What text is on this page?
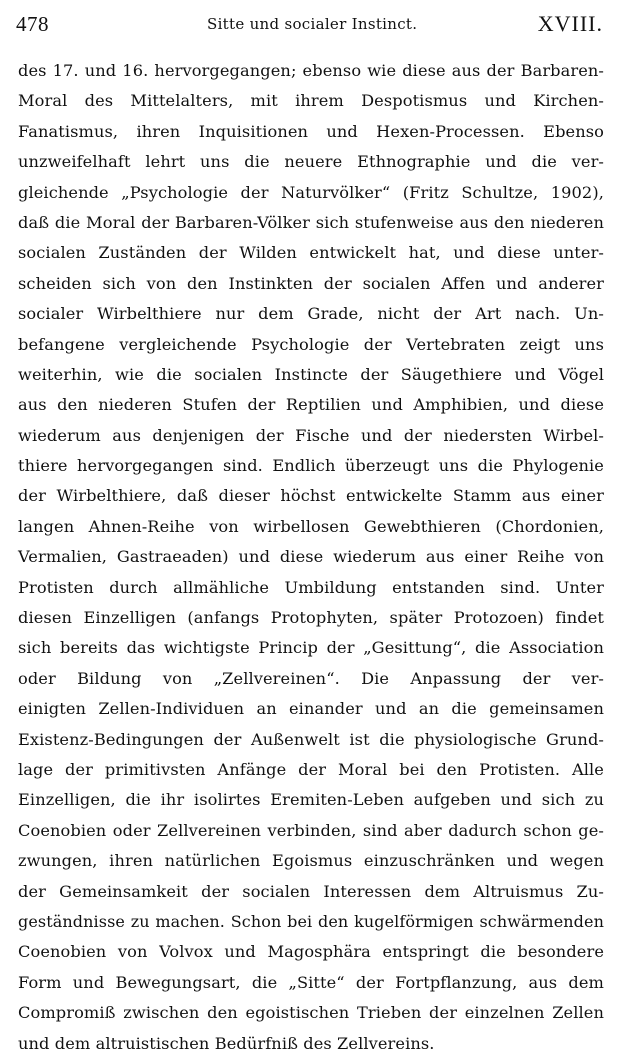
478	Sitte und socialer Instinct.	XVIII.
des 17. und 16. hervorgegangen; ebenso wie diese aus der Barbaren-
Moral des Mittelalters, mit ihrem Despotismus und Kirchen-
Fanatismus, ihren Inquisitionen und Hexen-Processen. Ebenso
unzweifelhaft lehrt uns die neuere Ethnographie und die ver-
gleichende „Psychologie der Naturvölker“ (Fritz Schultze, 1902),
daß die Moral der Barbaren-Völker sich stufenweise aus den niederen
socialen Zuständen der Wilden entwickelt hat, und diese unter-
scheiden sich von den Instinkten der socialen Affen und anderer
socialer Wirbelthiere nur dem Grade, nicht der Art nach. Un-
befangene vergleichende Psychologie der Vertebraten zeigt uns
weiterhin, wie die socialen Instincte der Säugethiere und Vögel
aus den niederen Stufen der Reptilien und Amphibien, und diese
wiederum aus denjenigen der Fische und der niedersten Wirbel-
thiere hervorgegangen sind. Endlich überzeugt uns die Phylogenie
der Wirbelthiere, daß dieser höchst entwickelte Stamm aus einer
langen Ahnen-Reihe von wirbellosen Gewebthieren (Chordonien,
Vermalien, Gastraeaden) und diese wiederum aus einer Reihe von
Protisten durch allmähliche Umbildung entstanden sind. Unter
diesen Einzelligen (anfangs Protophyten, später Protozoen) findet
sich bereits das wichtigste Princip der „Gesittung“, die Association
oder Bildung von „Zellvereinen“. Die Anpassung der ver-
einigten Zellen-Individuen an einander und an die gemeinsamen
Existenz-Bedingungen der Außenwelt ist die physiologische Grund-
lage der primitivsten Anfänge der Moral bei den Protisten. Alle
Einzelligen, die ihr isolirtes Eremiten-Leben aufgeben und sich zu
Coenobien oder Zellvereinen verbinden, sind aber dadurch schon ge-
zwungen, ihren natürlichen Egoismus einzuschränken und wegen
der Gemeinsamkeit der socialen Interessen dem Altruismus Zu-
geständnisse zu machen. Schon bei den kugelförmigen schwärmenden
Coenobien von Volvox und Magosphära entspringt die besondere
Form und Bewegungsart, die „Sitte“ der Fortpflanzung, aus dem
Compromiß zwischen den egoistischen Trieben der einzelnen Zellen
und dem altruistischen Bedürfniß des Zellvereins.
